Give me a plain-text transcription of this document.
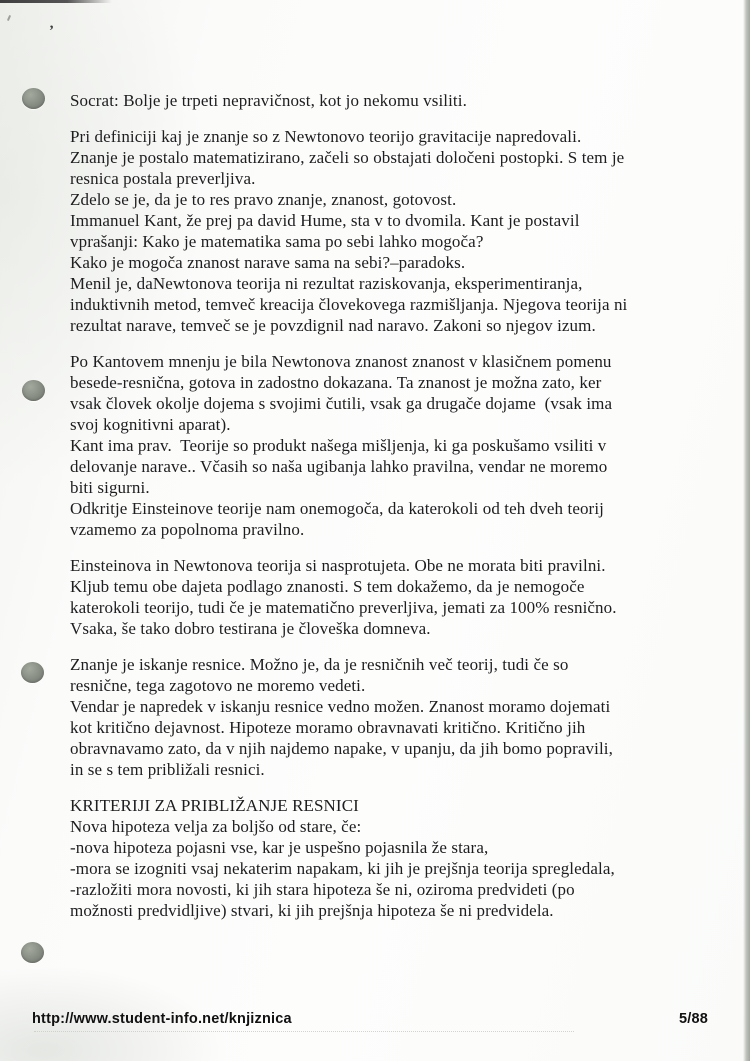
’

Socrat: Bolje je trpeti nepravičnost, kot jo nekomu vsiliti.

Pri definiciji kaj je znanje so z Newtonovo teorijo gravitacije napredovali.
Znanje je postalo matematizirano, začeli so obstajati določeni postopki. S tem je
resnica postala preverljiva.
Zdelo se je, da je to res pravo znanje, znanost, gotovost.
Immanuel Kant, že prej pa david Hume, sta v to dvomila. Kant je postavil
vprašanji: Kako je matematika sama po sebi lahko mogoča?
Kako je mogoča znanost narave sama na sebi?–paradoks.
Menil je, daNewtonova teorija ni rezultat raziskovanja, eksperimentiranja,
induktivnih metod, temveč kreacija človekovega razmišljanja. Njegova teorija ni
rezultat narave, temveč se je povzdignil nad naravo. Zakoni so njegov izum.

Po Kantovem mnenju je bila Newtonova znanost znanost v klasičnem pomenu
besede-resnična, gotova in zadostno dokazana. Ta znanost je možna zato, ker
vsak človek okolje dojema s svojimi čutili, vsak ga drugače dojame  (vsak ima
svoj kognitivni aparat).
Kant ima prav.  Teorije so produkt našega mišljenja, ki ga poskušamo vsiliti v
delovanje narave.. Včasih so naša ugibanja lahko pravilna, vendar ne moremo
biti sigurni.
Odkritje Einsteinove teorije nam onemogoča, da katerokoli od teh dveh teorij
vzamemo za popolnoma pravilno.

Einsteinova in Newtonova teorija si nasprotujeta. Obe ne morata biti pravilni.
Kljub temu obe dajeta podlago znanosti. S tem dokažemo, da je nemogoče
katerokoli teorijo, tudi če je matematično preverljiva, jemati za 100% resnično.
Vsaka, še tako dobro testirana je človeška domneva.

Znanje je iskanje resnice. Možno je, da je resničnih več teorij, tudi če so
resnične, tega zagotovo ne moremo vedeti.
Vendar je napredek v iskanju resnice vedno možen. Znanost moramo dojemati
kot kritično dejavnost. Hipoteze moramo obravnavati kritično. Kritično jih
obravnavamo zato, da v njih najdemo napake, v upanju, da jih bomo popravili,
in se s tem približali resnici.

KRITERIJI ZA PRIBLIŽANJE RESNICI
Nova hipoteza velja za boljšo od stare, če:
-nova hipoteza pojasni vse, kar je uspešno pojasnila že stara,
-mora se izogniti vsaj nekaterim napakam, ki jih je prejšnja teorija spregledala,
-razložiti mora novosti, ki jih stara hipoteza še ni, oziroma predvideti (po
možnosti predvidljive) stvari, ki jih prejšnja hipoteza še ni predvidela.

http://www.student-info.net/knjiznica	5/88
